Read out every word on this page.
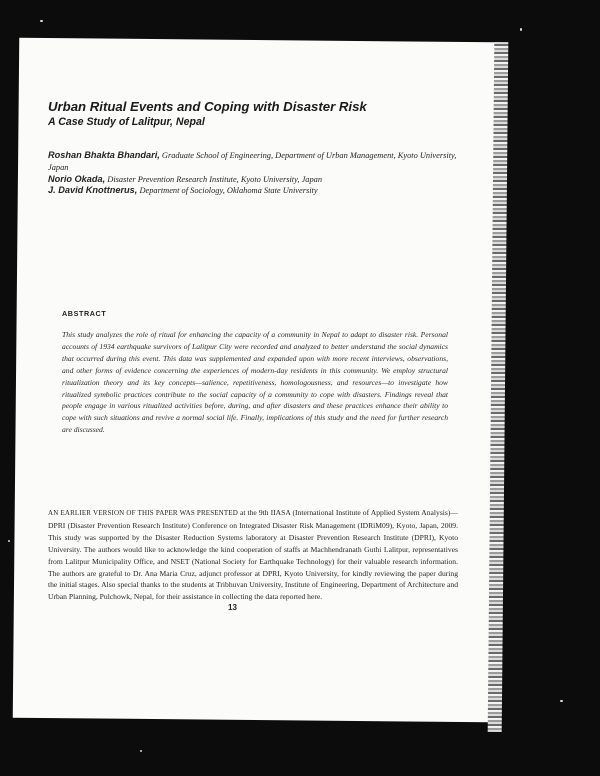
Urban Ritual Events and Coping with Disaster Risk
A Case Study of Lalitpur, Nepal
Roshan Bhakta Bhandari, Graduate School of Engineering, Department of Urban Management, Kyoto University, Japan
Norio Okada, Disaster Prevention Research Institute, Kyoto University, Japan
J. David Knottnerus, Department of Sociology, Oklahoma State University
ABSTRACT

This study analyzes the role of ritual for enhancing the capacity of a community in Nepal to adapt to disaster risk. Personal accounts of 1934 earthquake survivors of Lalitpur City were recorded and analyzed to better understand the social dynamics that occurred during this event. This data was supplemented and expanded upon with more recent interviews, observations, and other forms of evidence concerning the experiences of modern-day residents in this community. We employ structural ritualization theory and its key concepts—salience, repetitiveness, homologousness, and resources—to investigate how ritualized symbolic practices contribute to the social capacity of a community to cope with disasters. Findings reveal that people engage in various ritualized activities before, during, and after disasters and these practices enhance their ability to cope with such situations and revive a normal social life. Finally, implications of this study and the need for further research are discussed.

AN EARLIER VERSION OF THIS PAPER WAS PRESENTED at the 9th IIASA (International Institute of Applied System Analysis)—DPRI (Disaster Prevention Research Institute) Conference on Integrated Disaster Risk Management (IDRiM09), Kyoto, Japan, 2009. This study was supported by the Disaster Reduction Systems laboratory at Disaster Prevention Research Institute (DPRI), Kyoto University. The authors would like to acknowledge the kind cooperation of staffs at Machhendranath Guthi Lalitpur, representatives from Lalitpur Municipality Office, and NSET (National Society for Earthquake Technology) for their valuable research information. The authors are grateful to Dr. Ana Maria Cruz, adjunct professor at DPRI, Kyoto University, for kindly reviewing the paper during the initial stages. Also special thanks to the students at Tribhuvan University, Institute of Engineering, Department of Architecture and Urban Planning, Pulchowk, Nepal, for their assistance in collecting the data reported here.

13
